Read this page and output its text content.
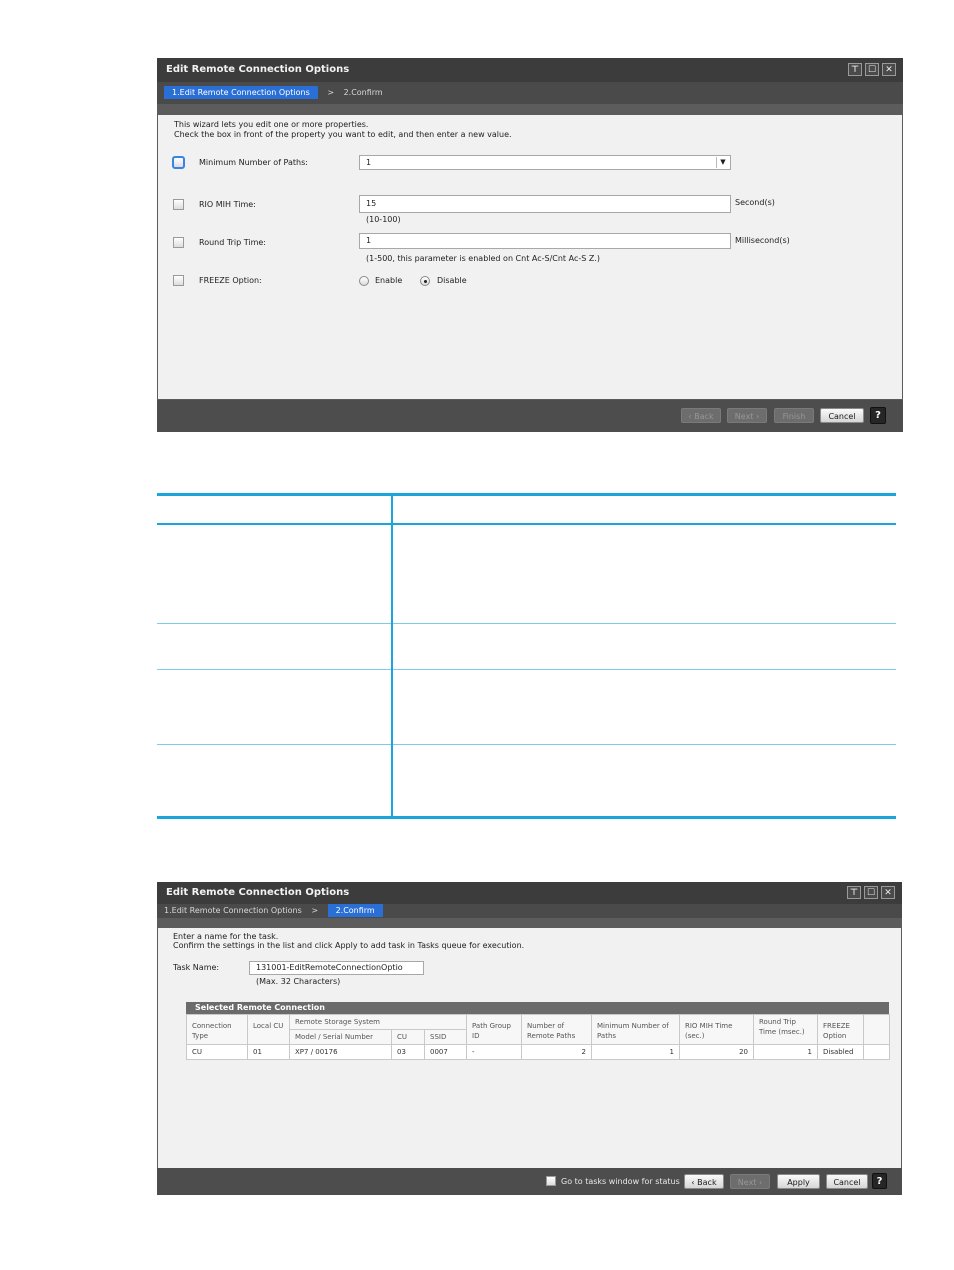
Edit Remote Connection Options	⊤ ☐	✕
1.Edit Remote Connection Options > 2.Confirm
This wizard lets you edit one or more properties.
Check the box in front of the property you want to edit, and then enter a new value.
Minimum Number of Paths:	1	▼
RIO MIH Time:	15	Second(s)
(10-100)
Round Trip Time:	1	Millisecond(s)
(1-500, this parameter is enabled on Cnt Ac-S/Cnt Ac-S Z.)
FREEZE Option:	Enable	Disable
‹ Back	Next ›	Finish	Cancel	?
Edit Remote Connection Options	⊤ ☐	✕
1.Edit Remote Connection Options > 2.Confirm
Enter a name for the task.
Confirm the settings in the list and click Apply to add task in Tasks queue for execution.
Task Name:	131001-EditRemoteConnectionOptio
(Max. 32 Characters)
Selected Remote Connection
Connection Type	Local CU	Remote Storage System			Path Group ID	Number of Remote Paths	Minimum Number of Paths	RIO MIH Time (sec.)	Round Trip Time (msec.)	FREEZE Option	
		Model / Serial Number	CU	SSID							
CU	01	XP7 / 00176	03	0007	-	2	1	20	1	Disabled	
Go to tasks window for status	‹ Back	Next ›	Apply	Cancel	?
